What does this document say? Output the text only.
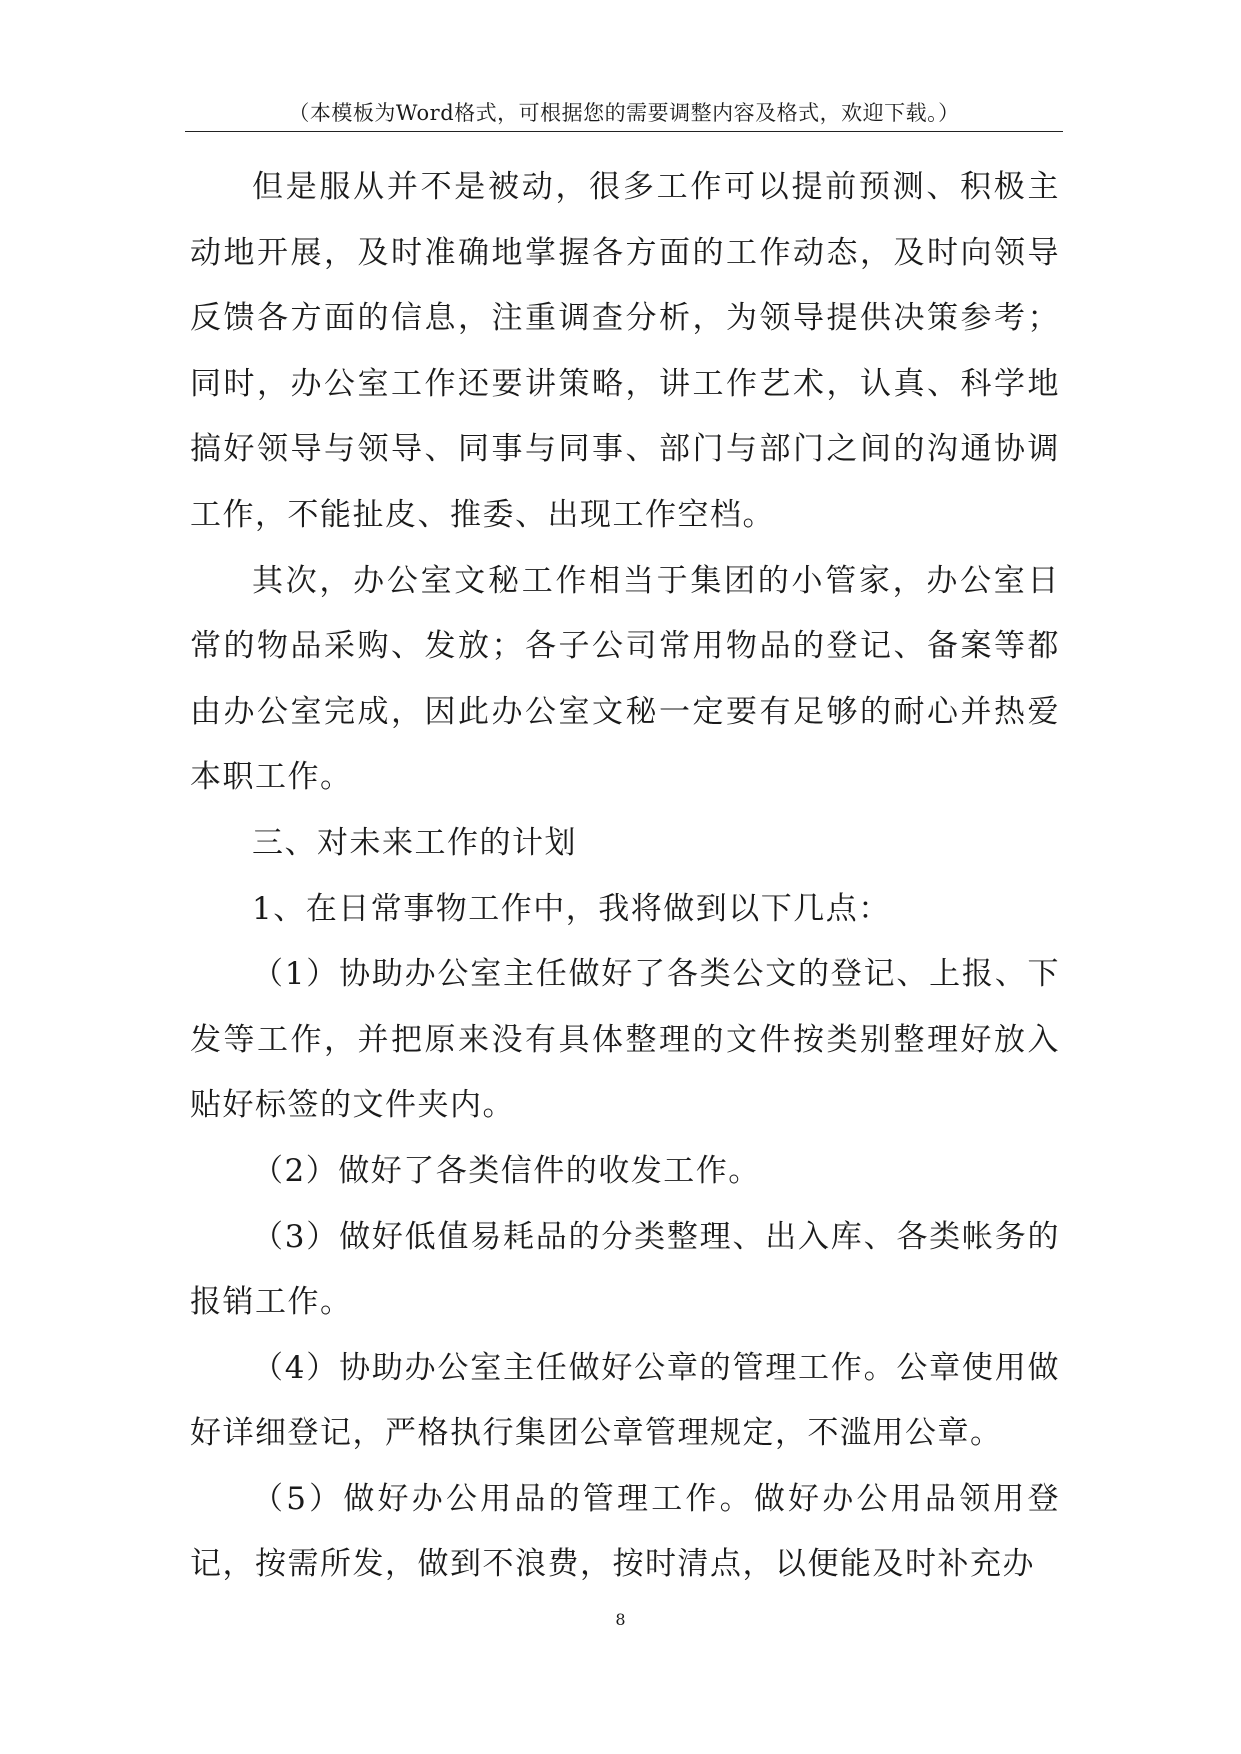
（本模板为Word格式，可根据您的需要调整内容及格式，欢迎下载。）

但是服从并不是被动，很多工作可以提前预测、积极主动地开展，及时准确地掌握各方面的工作动态，及时向领导反馈各方面的信息，注重调查分析，为领导提供决策参考；同时，办公室工作还要讲策略，讲工作艺术，认真、科学地搞好领导与领导、同事与同事、部门与部门之间的沟通协调工作，不能扯皮、推委、出现工作空档。

其次，办公室文秘工作相当于集团的小管家，办公室日常的物品采购、发放；各子公司常用物品的登记、备案等都由办公室完成，因此办公室文秘一定要有足够的耐心并热爱本职工作。

三、对未来工作的计划

1、在日常事物工作中，我将做到以下几点：

（1）协助办公室主任做好了各类公文的登记、上报、下发等工作，并把原来没有具体整理的文件按类别整理好放入贴好标签的文件夹内。

（2）做好了各类信件的收发工作。

（3）做好低值易耗品的分类整理、出入库、各类帐务的报销工作。

（4）协助办公室主任做好公章的管理工作。公章使用做好详细登记，严格执行集团公章管理规定，不滥用公章。

（5）做好办公用品的管理工作。做好办公用品领用登记，按需所发，做到不浪费，按时清点，以便能及时补充办

8
